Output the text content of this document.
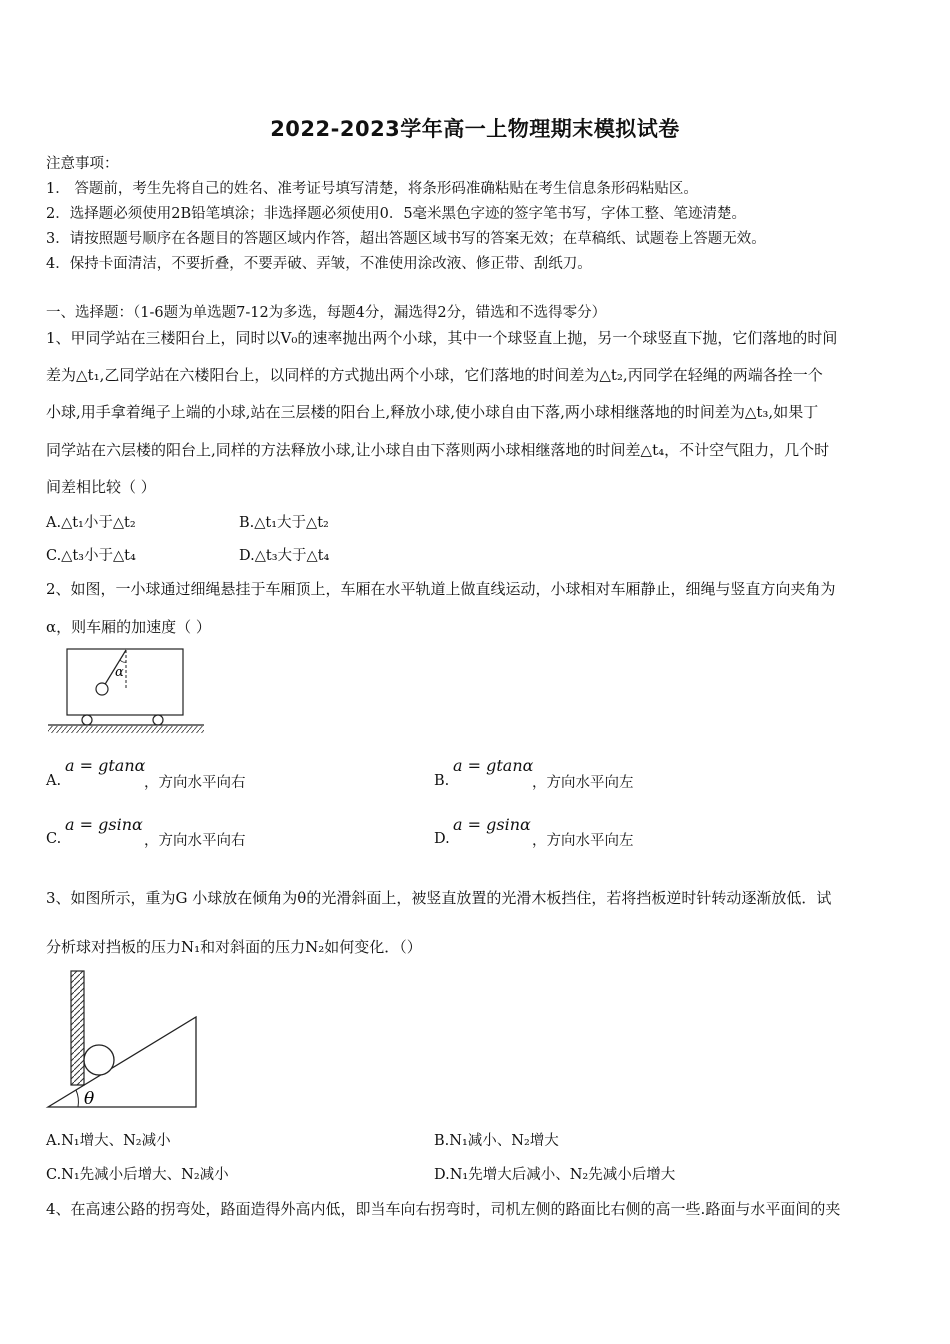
2022-2023学年高一上物理期末模拟试卷
注意事项：
1． 答题前，考生先将自己的姓名、准考证号填写清楚，将条形码准确粘贴在考生信息条形码粘贴区。
2．选择题必须使用2B铅笔填涂；非选择题必须使用0．5毫米黑色字迹的签字笔书写，字体工整、笔迹清楚。
3．请按照题号顺序在各题目的答题区域内作答，超出答题区域书写的答案无效；在草稿纸、试题卷上答题无效。
4．保持卡面清洁，不要折叠，不要弄破、弄皱，不准使用涂改液、修正带、刮纸刀。
一、选择题：（1-6题为单选题7-12为多选，每题4分，漏选得2分，错选和不选得零分）
1、甲同学站在三楼阳台上，同时以V₀的速率抛出两个小球，其中一个球竖直上抛，另一个球竖直下抛，它们落地的时间
差为△t₁,乙同学站在六楼阳台上，以同样的方式抛出两个小球，它们落地的时间差为△t₂,丙同学在轻绳的两端各拴一个
小球,用手拿着绳子上端的小球,站在三层楼的阳台上,释放小球,使小球自由下落,两小球相继落地的时间差为△t₃,如果丁
同学站在六层楼的阳台上,同样的方法释放小球,让小球自由下落则两小球相继落地的时间差△t₄，不计空气阻力，几个时
间差相比较（ ）
A.△t₁小于△t₂	B.△t₁大于△t₂
C.△t₃小于△t₄	D.△t₃大于△t₄
2、如图，一小球通过细绳悬挂于车厢顶上，车厢在水平轨道上做直线运动，小球相对车厢静止，细绳与竖直方向夹角为
α，则车厢的加速度（ ）
α
A.
a = gtanα
，方向水平向右	B.
a = gtanα
，方向水平向左
C.
a = gsinα
，方向水平向右	D.
a = gsinα
，方向水平向左
3、如图所示，重为G 小球放在倾角为θ的光滑斜面上，被竖直放置的光滑木板挡住，若将挡板逆时针转动逐渐放低．试
分析球对挡板的压力N₁和对斜面的压力N₂如何变化．（）
θ
A.N₁增大、N₂减小	B.N₁减小、N₂增大
C.N₁先减小后增大、N₂减小	D.N₁先增大后减小、N₂先减小后增大
4、在高速公路的拐弯处，路面造得外高内低，即当车向右拐弯时，司机左侧的路面比右侧的高一些.路面与水平面间的夹
